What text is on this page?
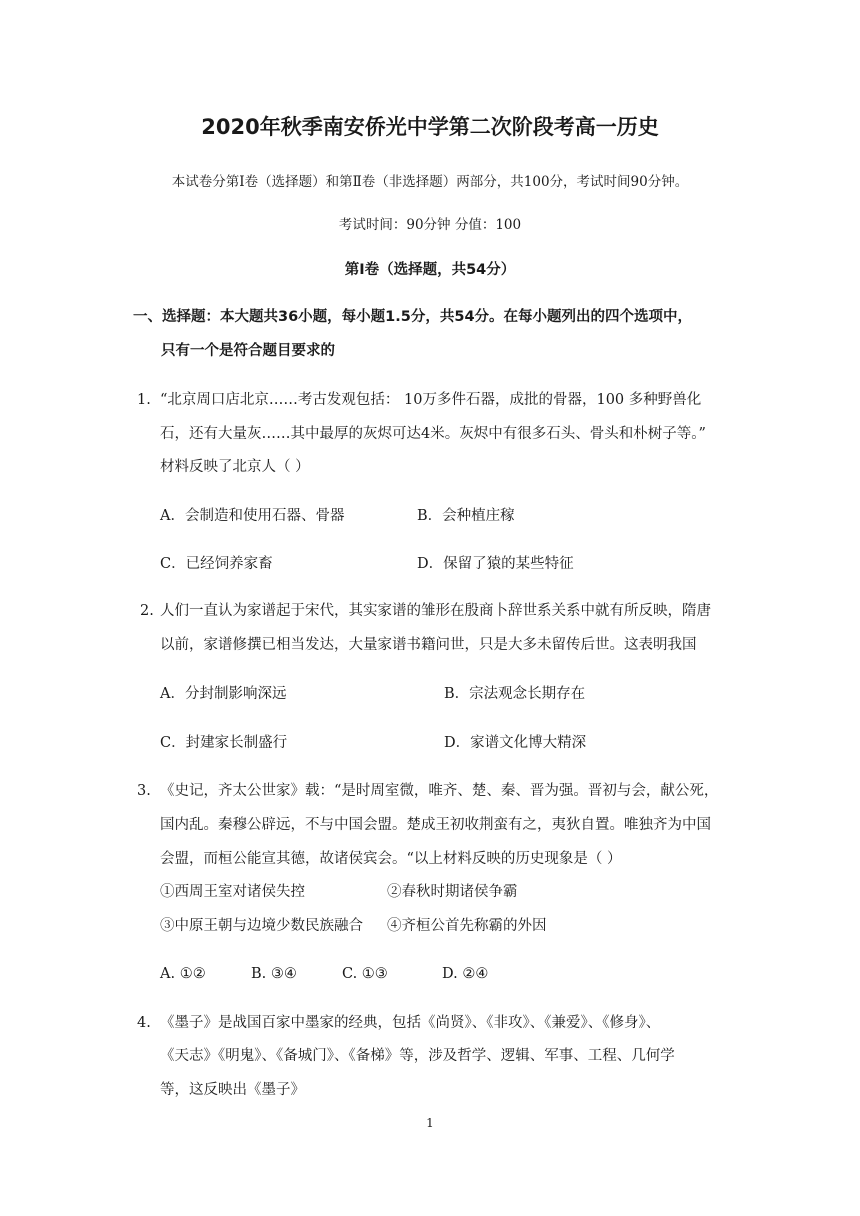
2020年秋季南安侨光中学第二次阶段考高一历史
本试卷分第Ⅰ卷（选择题）和第Ⅱ卷（非选择题）两部分，共100分，考试时间90分钟。
考试时间：90分钟 分值：100
第Ⅰ卷（选择题，共54分）
一、选择题：本大题共36小题，每小题1.5分，共54分。在每小题列出的四个选项中，
只有一个是符合题目要求的
1. “北京周口店北京……考古发观包括： 10万多件石器，成批的骨器，100 多种野兽化
石，还有大量灰……其中最厚的灰烬可达4米。灰烬中有很多石头、骨头和朴树子等。”
材料反映了北京人（ ）
A．会制造和使用石器、骨器	B．会种植庄稼
C．已经饲养家畜	D．保留了猿的某些特征
2. 人们一直认为家谱起于宋代，其实家谱的雏形在殷商卜辞世系关系中就有所反映，隋唐
以前，家谱修撰已相当发达，大量家谱书籍问世，只是大多未留传后世。这表明我国
A．分封制影响深远	B．宗法观念长期存在
C．封建家长制盛行	D．家谱文化博大精深
3. 《史记，齐太公世家》载：“是时周室微，唯齐、楚、秦、晋为强。晋初与会，献公死，
国内乱。秦穆公辟远，不与中国会盟。楚成王初收荆蛮有之，夷狄自置。唯独齐为中国
会盟，而桓公能宣其德，故诸侯宾会。“以上材料反映的历史现象是（ ）
①西周王室对诸侯失控	②春秋时期诸侯争霸
③中原王朝与边境少数民族融合 ④齐桓公首先称霸的外因
A. ①②	B. ③④	C. ①③	D. ②④
4. 《墨子》是战国百家中墨家的经典，包括《尚贤》、《非攻》、《兼爱》、《修身》、
《天志》《明鬼》、《备城门》、《备梯》等，涉及哲学、逻辑、军事、工程、几何学
等，这反映出《墨子》
1
